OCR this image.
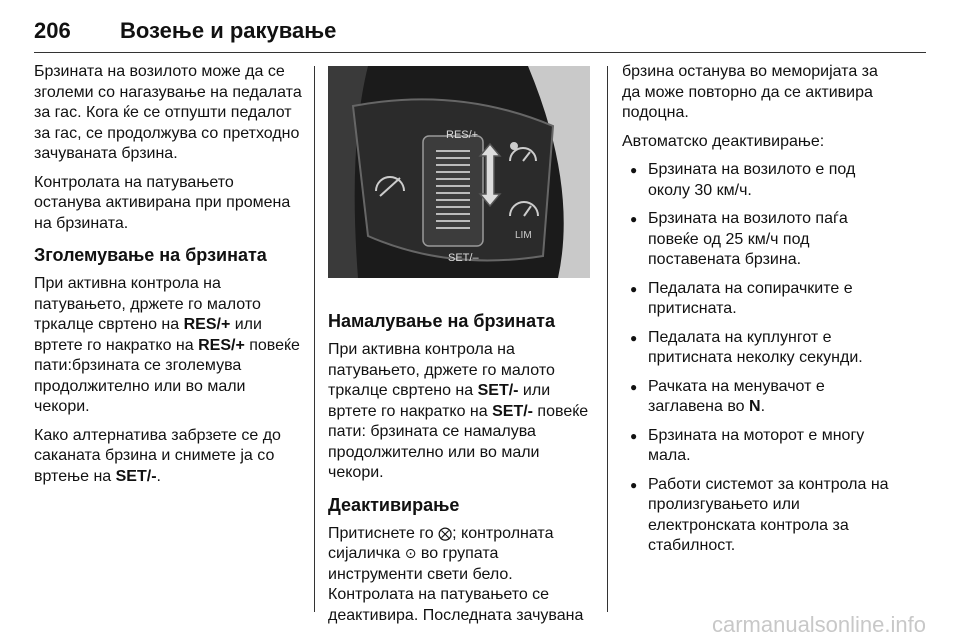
206 Возење и ракување

Брзината на возилото може да се зголеми со нагазување на педалата за гас. Кога ќе се отпушти педалот за гас, се продолжува со претходно зачуваната брзина.

Контролата на патувањето останува активирана при промена на брзината.

Зголемување на брзината

При активна контрола на патувањето, држете го малото тркалце свртено на RES/+ или вртете го накратко на RES/+ повеќе пати:брзината се зголемува продолжително или во мали чекори.

Како алтернатива забрзете се до саканата брзина и снимете ја со вртење на SET/-.

RES/+
SET/–
LIM
Намалување на брзината

При активна контрола на патувањето, држете го малото тркалце свртено на SET/- или вртете го накратко на SET/- повеќе пати: брзината се намалува продолжително или во мали чекори.

Деактивирање

Притиснете го ⨂; контролната сијаличка ⊙ во групата инструменти свети бело.

Контролата на патувањето се деактивира. Последната зачувана

брзина останува во меморијата за да може повторно да се активира подоцна.

Автоматско деактивирање:

● Брзината на возилото е под околу 30 км/ч.
● Брзината на возилото паѓа повеќе од 25 км/ч под поставената брзина.
● Педалата на сопирачките е притисната.
● Педалата на куплунгот е притисната неколку секунди.
● Рачката на менувачот е заглавена во N.
● Брзината на моторот е многу мала.
● Работи системот за контрола на пролизгувањето или електронската контрола за стабилност.
carmanualsonline.info
